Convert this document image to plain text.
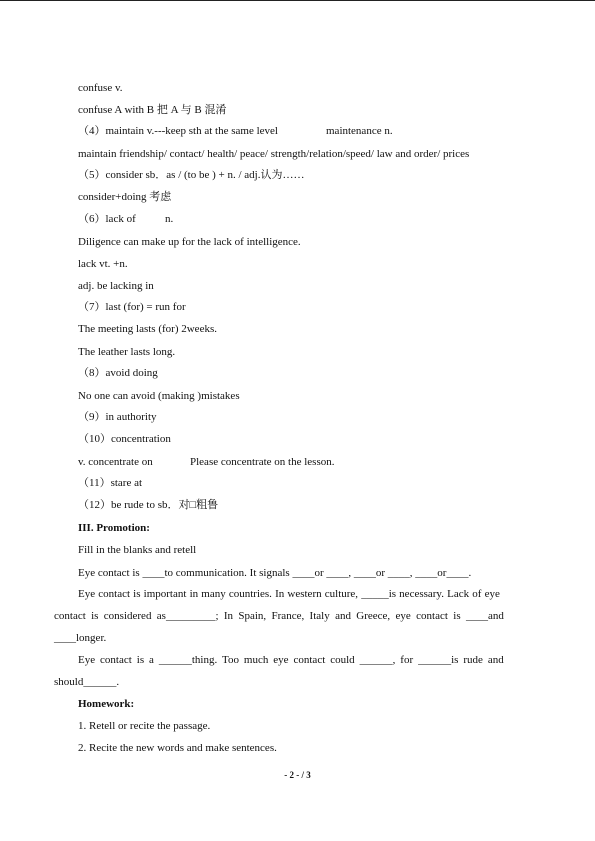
confuse v.
confuse A with B 把 A 与 B 混淆
（4）maintain v.---keep sth at the same level	maintenance n.
maintain friendship/ contact/ health/ peace/ strength/relation/speed/ law and order/ prices
（5）consider sb．as / (to be ) + n. / adj.认为……
consider+doing 考虑
（6）lack of	n.
Diligence can make up for the lack of intelligence.
lack vt. +n.
adj. be lacking in
（7）last (for) = run for
The meeting lasts (for) 2weeks.
The leather lasts long.
（8）avoid doing
No one can avoid (making )mistakes
（9）in authority
（10）concentration
v. concentrate on	Please concentrate on the lesson.
（11）stare at
（12）be rude to sb．对□粗鲁
III. Promotion:
Fill in the blanks and retell
Eye contact is ____to communication. It signals ____or ____, ____or ____, ____or____.
Eye contact is important in many countries. In western culture, _____is necessary. Lack of eye
contact is considered as_________; In Spain, France, Italy and Greece, eye contact is ____and
____longer.
Eye contact is a ______thing. Too much eye contact could ______, for ______is rude and
should______.
Homework:
1. Retell or recite the passage.
2. Recite the new words and make sentences.
- 2 - / 3
